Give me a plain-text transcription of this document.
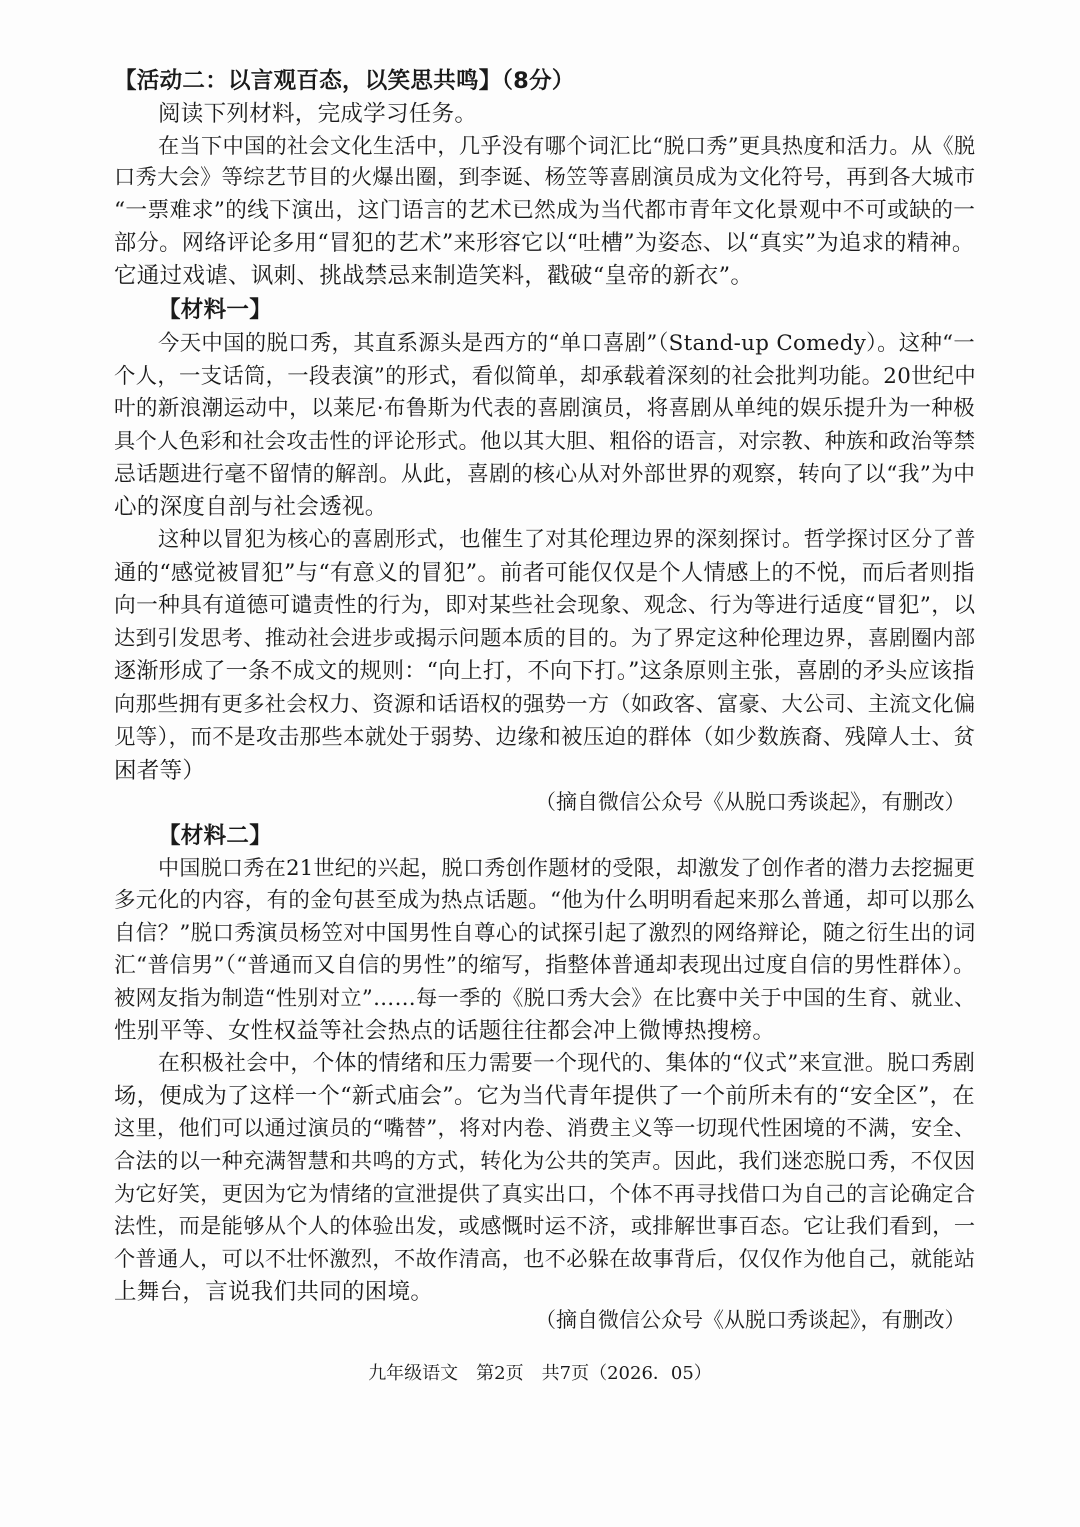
【活动二：以言观百态，以笑思共鸣】（8分）
阅读下列材料，完成学习任务。
在当下中国的社会文化生活中，几乎没有哪个词汇比“脱口秀”更具热度和活力。从《脱
口秀大会》等综艺节目的火爆出圈，到李诞、杨笠等喜剧演员成为文化符号，再到各大城市
“一票难求”的线下演出，这门语言的艺术已然成为当代都市青年文化景观中不可或缺的一
部分。网络评论多用“冒犯的艺术”来形容它以“吐槽”为姿态、以“真实”为追求的精神。
它通过戏谑、讽刺、挑战禁忌来制造笑料，戳破“皇帝的新衣”。
【材料一】
今天中国的脱口秀，其直系源头是西方的“单口喜剧”（Stand-up Comedy）。这种“一
个人，一支话筒，一段表演”的形式，看似简单，却承载着深刻的社会批判功能。20世纪中
叶的新浪潮运动中，以莱尼·布鲁斯为代表的喜剧演员，将喜剧从单纯的娱乐提升为一种极
具个人色彩和社会攻击性的评论形式。他以其大胆、粗俗的语言，对宗教、种族和政治等禁
忌话题进行毫不留情的解剖。从此，喜剧的核心从对外部世界的观察，转向了以“我”为中
心的深度自剖与社会透视。
这种以冒犯为核心的喜剧形式，也催生了对其伦理边界的深刻探讨。哲学探讨区分了普
通的“感觉被冒犯”与“有意义的冒犯”。前者可能仅仅是个人情感上的不悦，而后者则指
向一种具有道德可谴责性的行为，即对某些社会现象、观念、行为等进行适度“冒犯”，以
达到引发思考、推动社会进步或揭示问题本质的目的。为了界定这种伦理边界，喜剧圈内部
逐渐形成了一条不成文的规则：“向上打，不向下打。”这条原则主张，喜剧的矛头应该指
向那些拥有更多社会权力、资源和话语权的强势一方（如政客、富豪、大公司、主流文化偏
见等），而不是攻击那些本就处于弱势、边缘和被压迫的群体（如少数族裔、残障人士、贫
困者等）
（摘自微信公众号《从脱口秀谈起》，有删改）
【材料二】
中国脱口秀在21世纪的兴起，脱口秀创作题材的受限，却激发了创作者的潜力去挖掘更
多元化的内容，有的金句甚至成为热点话题。“他为什么明明看起来那么普通，却可以那么
自信？”脱口秀演员杨笠对中国男性自尊心的试探引起了激烈的网络辩论，随之衍生出的词
汇“普信男”（“普通而又自信的男性”的缩写，指整体普通却表现出过度自信的男性群体）。
被网友指为制造“性别对立”……每一季的《脱口秀大会》在比赛中关于中国的生育、就业、
性别平等、女性权益等社会热点的话题往往都会冲上微博热搜榜。
在积极社会中，个体的情绪和压力需要一个现代的、集体的“仪式”来宣泄。脱口秀剧
场，便成为了这样一个“新式庙会”。它为当代青年提供了一个前所未有的“安全区”，在
这里，他们可以通过演员的“嘴替”，将对内卷、消费主义等一切现代性困境的不满，安全、
合法的以一种充满智慧和共鸣的方式，转化为公共的笑声。因此，我们迷恋脱口秀，不仅因
为它好笑，更因为它为情绪的宣泄提供了真实出口，个体不再寻找借口为自己的言论确定合
法性，而是能够从个人的体验出发，或感慨时运不济，或排解世事百态。它让我们看到，一
个普通人，可以不壮怀激烈，不故作清高，也不必躲在故事背后，仅仅作为他自己，就能站
上舞台，言说我们共同的困境。
（摘自微信公众号《从脱口秀谈起》，有删改）
九年级语文　第2页　共7页（2026．05）
